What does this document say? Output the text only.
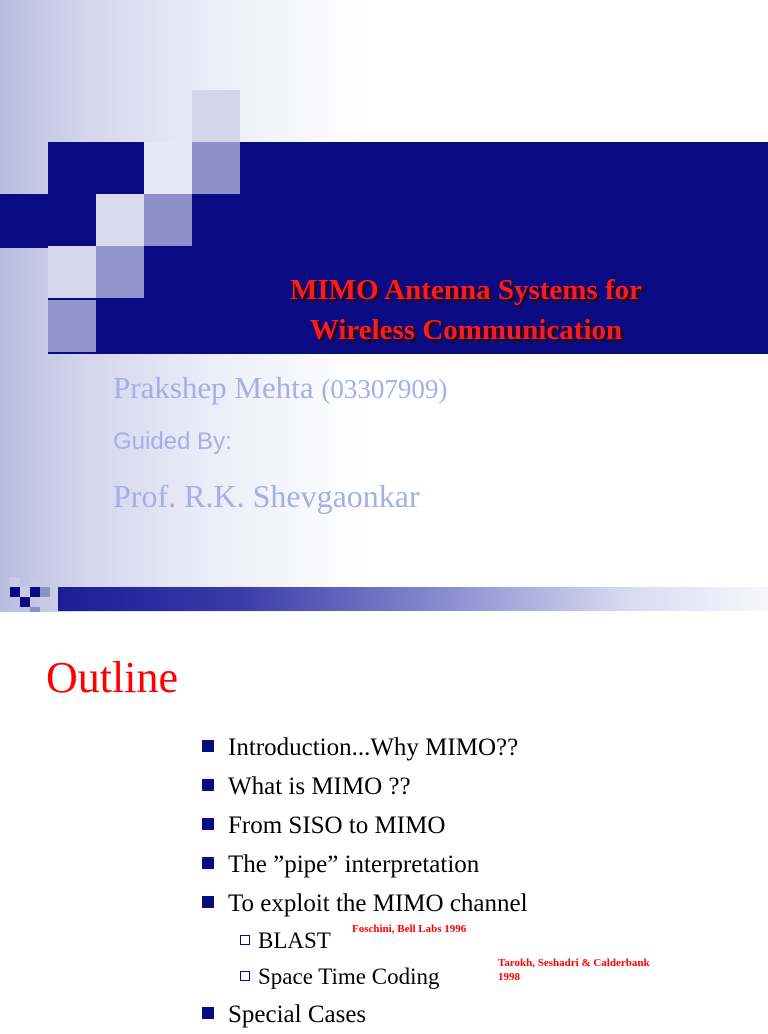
MIMO Antenna Systems for
Wireless Communication
Prakshep Mehta (03307909)
Guided By:
Prof. R.K. Shevgaonkar
Outline
Introduction...Why MIMO??
What is MIMO ??
From SISO to MIMO
The ”pipe” interpretation
To exploit the MIMO channel
BLAST
Space Time Coding
Special Cases
Foschini, Bell Labs 1996
Tarokh, Seshadri & Calderbank
1998
